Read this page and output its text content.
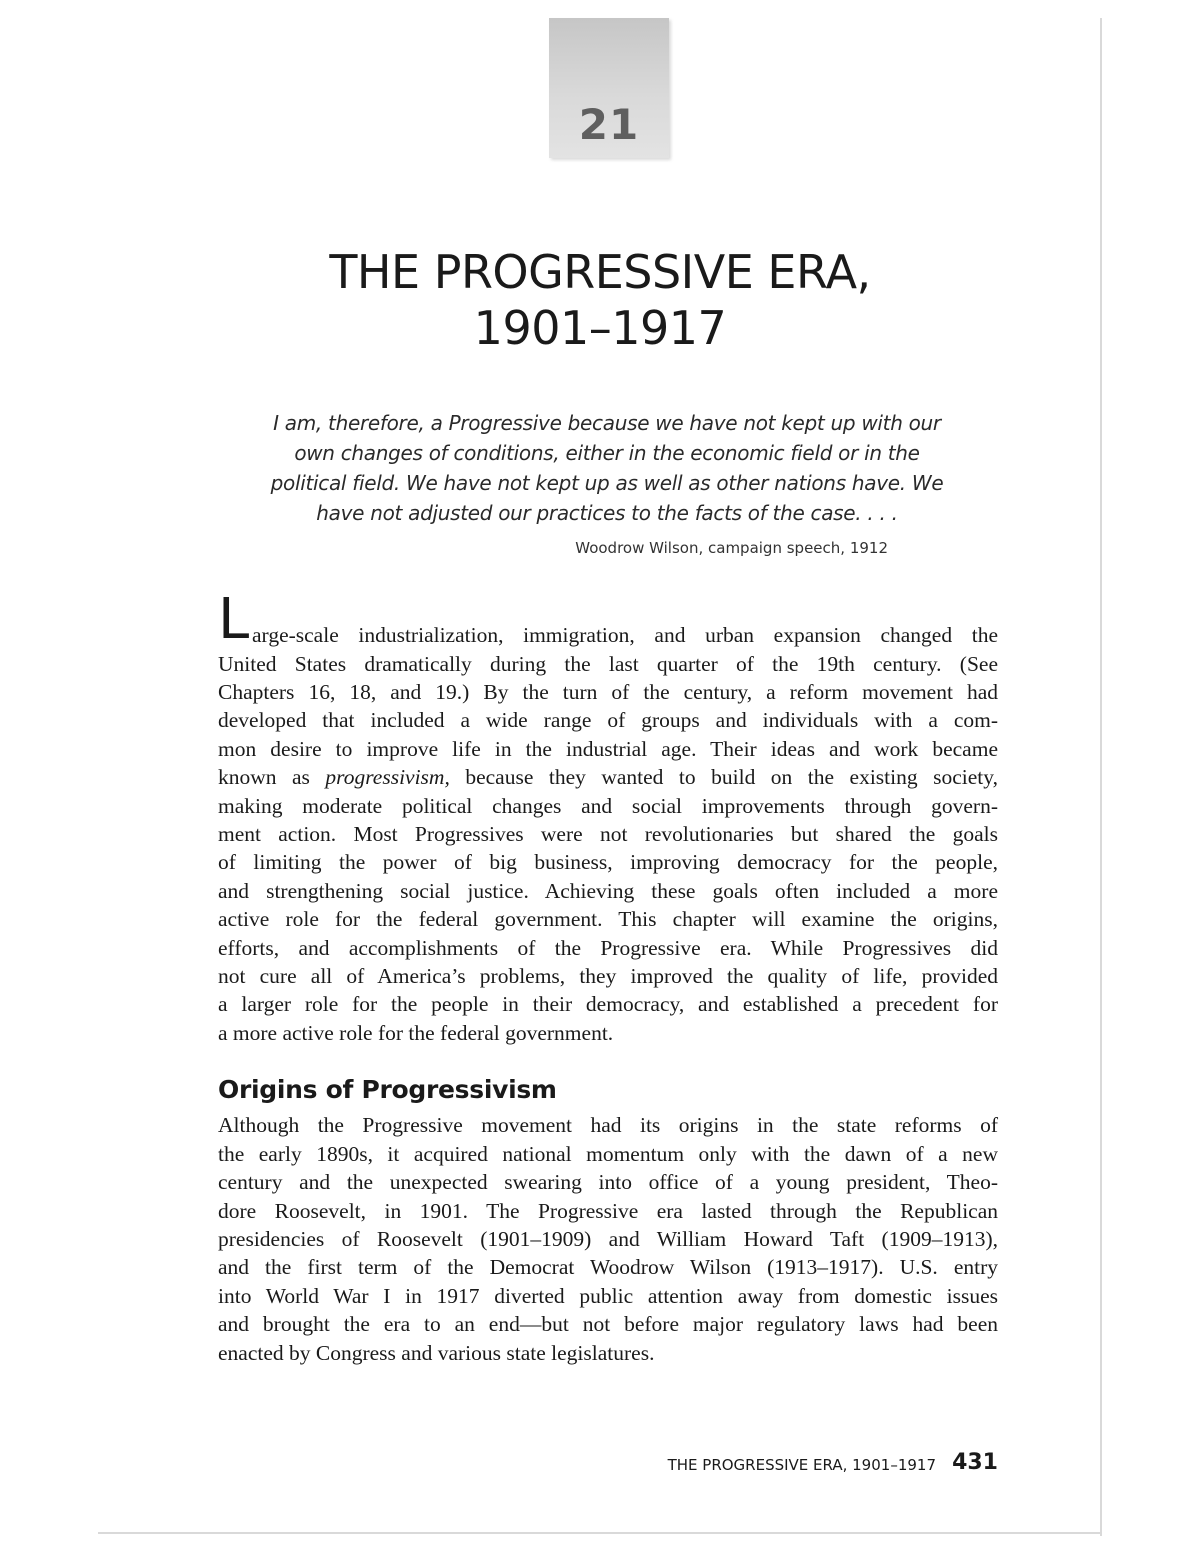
21
THE PROGRESSIVE ERA,
1901–1917
I am, therefore, a Progressive because we have not kept up with our
own changes of conditions, either in the economic field or in the
political field. We have not kept up as well as other nations have. We
have not adjusted our practices to the facts of the case. . . .
Woodrow Wilson, campaign speech, 1912
L arge-scale industrialization, immigration, and urban expansion changed the
United States dramatically during the last quarter of the 19th century. (See
Chapters 16, 18, and 19.) By the turn of the century, a reform movement had
developed that included a wide range of groups and individuals with a com-
mon desire to improve life in the industrial age. Their ideas and work became
known as progressivism, because they wanted to build on the existing society,
making moderate political changes and social improvements through govern-
ment action. Most Progressives were not revolutionaries but shared the goals
of limiting the power of big business, improving democracy for the people,
and strengthening social justice. Achieving these goals often included a more
active role for the federal government. This chapter will examine the origins,
efforts, and accomplishments of the Progressive era. While Progressives did
not cure all of America’s problems, they improved the quality of life, provided
a larger role for the people in their democracy, and established a precedent for
a more active role for the federal government.
Origins of Progressivism
Although the Progressive movement had its origins in the state reforms of
the early 1890s, it acquired national momentum only with the dawn of a new
century and the unexpected swearing into office of a young president, Theo-
dore Roosevelt, in 1901. The Progressive era lasted through the Republican
presidencies of Roosevelt (1901–1909) and William Howard Taft (1909–1913),
and the first term of the Democrat Woodrow Wilson (1913–1917). U.S. entry
into World War I in 1917 diverted public attention away from domestic issues
and brought the era to an end—but not before major regulatory laws had been
enacted by Congress and various state legislatures.
THE PROGRESSIVE ERA, 1901–1917 431
